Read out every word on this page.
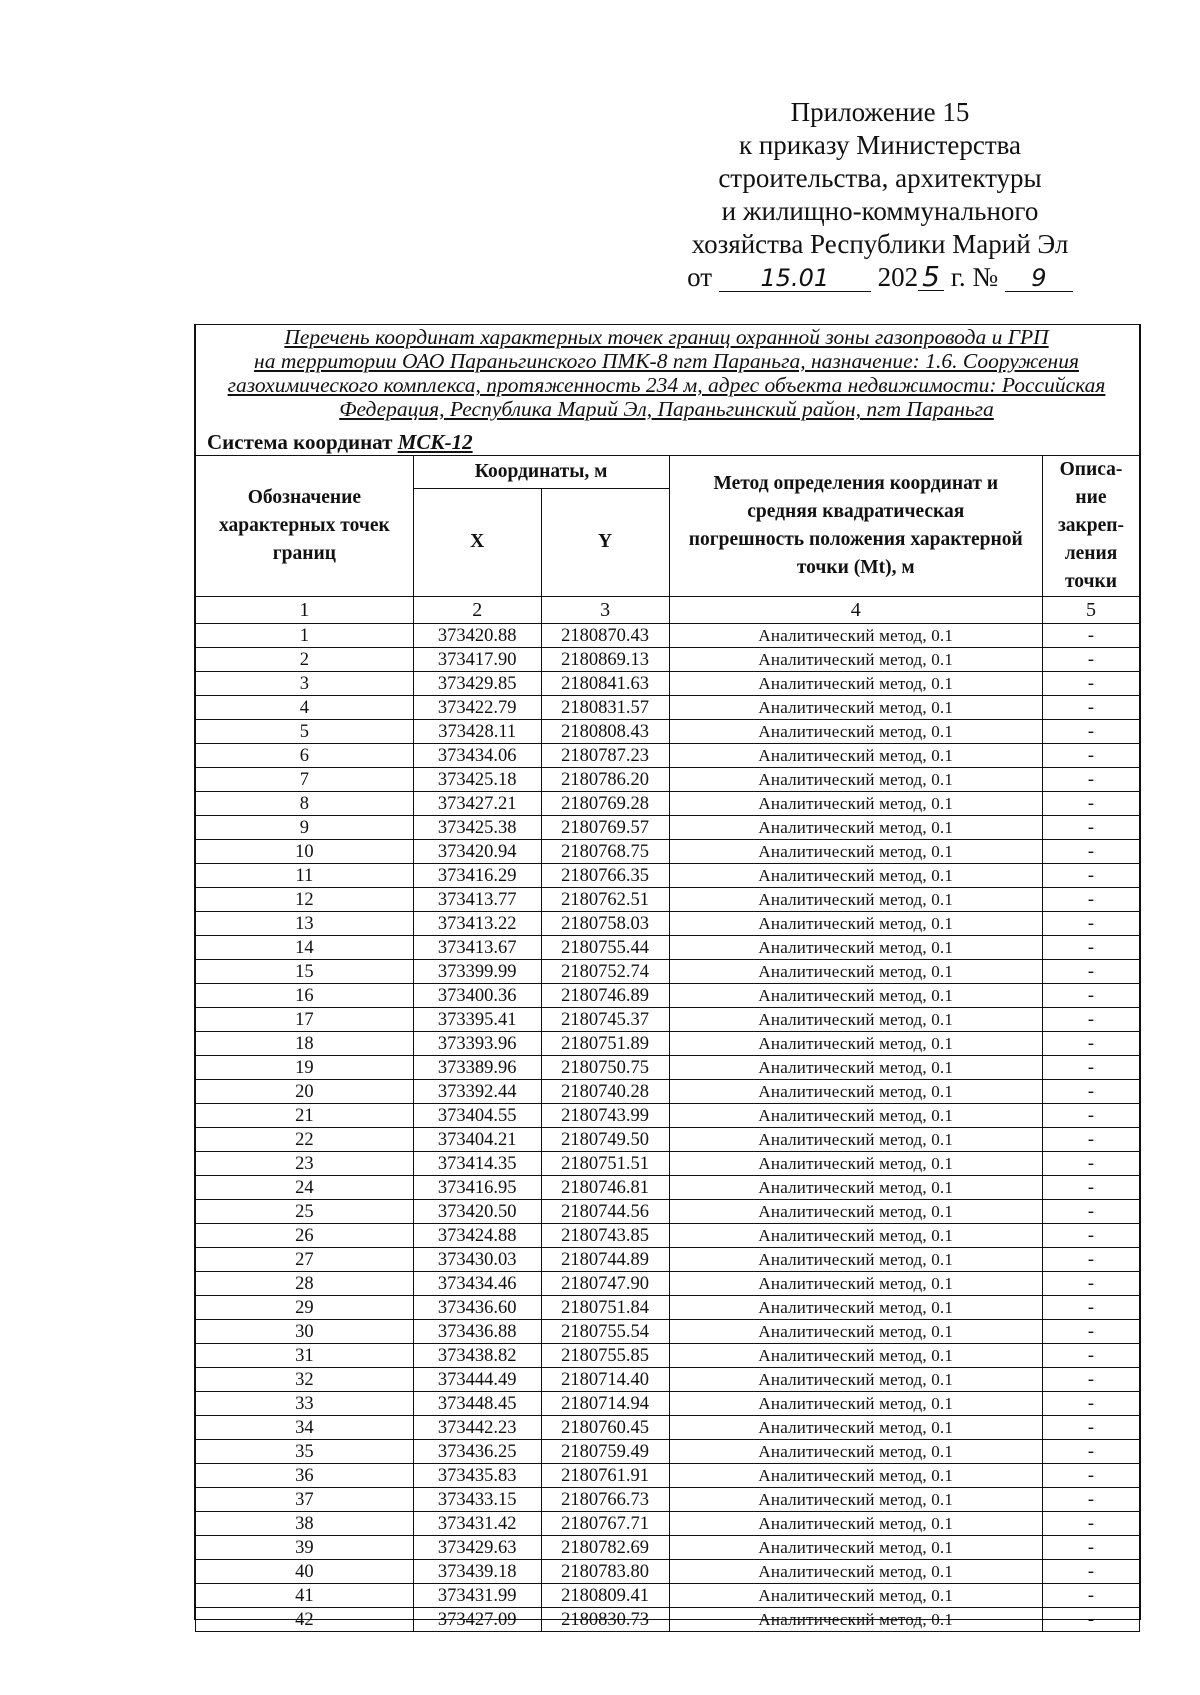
Приложение 15
к приказу Министерства
строительства, архитектуры
и жилищно-коммунального
хозяйства Республики Марий Эл
от 15.01 202 5 г. № 9
Перечень координат характерных точек границ охранной зоны газопровода и ГРП
на территории ОАО Параньгинского ПМК-8 пгт Параньга, назначение: 1.6. Сооружения
газохимического комплекса, протяженность 234 м, адрес объекта недвижимости: Российская
Федерация, Республика Марий Эл, Параньгинский район, пгт Параньга
Система координат МСК-12
Обозначение характерных точек границ	Координаты, м		Метод определения координат и средняя квадратическая погрешность положения характерной точки (Mt), м	Описа-ние закреп-ления точки
	X	Y		
1	2	3	4	5
1	373420.88	2180870.43	Аналитический метод, 0.1	-
2	373417.90	2180869.13	Аналитический метод, 0.1	-
3	373429.85	2180841.63	Аналитический метод, 0.1	-
4	373422.79	2180831.57	Аналитический метод, 0.1	-
5	373428.11	2180808.43	Аналитический метод, 0.1	-
6	373434.06	2180787.23	Аналитический метод, 0.1	-
7	373425.18	2180786.20	Аналитический метод, 0.1	-
8	373427.21	2180769.28	Аналитический метод, 0.1	-
9	373425.38	2180769.57	Аналитический метод, 0.1	-
10	373420.94	2180768.75	Аналитический метод, 0.1	-
11	373416.29	2180766.35	Аналитический метод, 0.1	-
12	373413.77	2180762.51	Аналитический метод, 0.1	-
13	373413.22	2180758.03	Аналитический метод, 0.1	-
14	373413.67	2180755.44	Аналитический метод, 0.1	-
15	373399.99	2180752.74	Аналитический метод, 0.1	-
16	373400.36	2180746.89	Аналитический метод, 0.1	-
17	373395.41	2180745.37	Аналитический метод, 0.1	-
18	373393.96	2180751.89	Аналитический метод, 0.1	-
19	373389.96	2180750.75	Аналитический метод, 0.1	-
20	373392.44	2180740.28	Аналитический метод, 0.1	-
21	373404.55	2180743.99	Аналитический метод, 0.1	-
22	373404.21	2180749.50	Аналитический метод, 0.1	-
23	373414.35	2180751.51	Аналитический метод, 0.1	-
24	373416.95	2180746.81	Аналитический метод, 0.1	-
25	373420.50	2180744.56	Аналитический метод, 0.1	-
26	373424.88	2180743.85	Аналитический метод, 0.1	-
27	373430.03	2180744.89	Аналитический метод, 0.1	-
28	373434.46	2180747.90	Аналитический метод, 0.1	-
29	373436.60	2180751.84	Аналитический метод, 0.1	-
30	373436.88	2180755.54	Аналитический метод, 0.1	-
31	373438.82	2180755.85	Аналитический метод, 0.1	-
32	373444.49	2180714.40	Аналитический метод, 0.1	-
33	373448.45	2180714.94	Аналитический метод, 0.1	-
34	373442.23	2180760.45	Аналитический метод, 0.1	-
35	373436.25	2180759.49	Аналитический метод, 0.1	-
36	373435.83	2180761.91	Аналитический метод, 0.1	-
37	373433.15	2180766.73	Аналитический метод, 0.1	-
38	373431.42	2180767.71	Аналитический метод, 0.1	-
39	373429.63	2180782.69	Аналитический метод, 0.1	-
40	373439.18	2180783.80	Аналитический метод, 0.1	-
41	373431.99	2180809.41	Аналитический метод, 0.1	-
42	373427.09	2180830.73	Аналитический метод, 0.1	-
